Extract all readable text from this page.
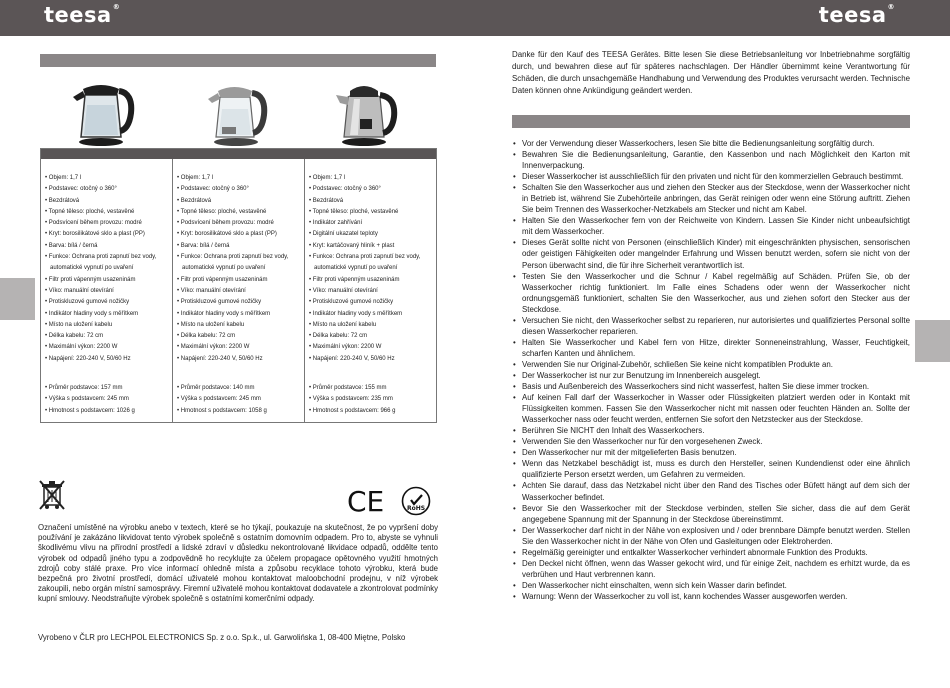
teesa®	teesa®
• Objem: 1,7 l
• Podstavec: otočný o 360°
• Bezdrátová
• Topné těleso: ploché, vestavěné
• Podsvícení během provozu: modré
• Kryt: borosilikátové sklo a plast (PP)
• Barva: bílá / černá
• Funkce: Ochrana proti zapnutí bez vody,
automatické vypnutí po uvaření
• Filtr proti vápenným usazeninám
• Víko: manuální otevírání
• Protiskluzové gumové nožičky
• Indikátor hladiny vody s měřítkem
• Místo na uložení kabelu
• Délka kabelu: 72 cm
• Maximální výkon: 2200 W
• Napájení: 220-240 V, 50/60 Hz
• Průměr podstavce: 157 mm
• Výška s podstavcem: 245 mm
• Hmotnost s podstavcem: 1026 g
• Objem: 1,7 l
• Podstavec: otočný o 360°
• Bezdrátová
• Topné těleso: ploché, vestavěné
• Podsvícení během provozu: modré
• Kryt: borosilikátové sklo a plast (PP)
• Barva: bílá / černá
• Funkce: Ochrana proti zapnutí bez vody,
automatické vypnutí po uvaření
• Filtr proti vápenným usazeninám
• Víko: manuální otevírání
• Protiskluzové gumové nožičky
• Indikátor hladiny vody s měřítkem
• Místo na uložení kabelu
• Délka kabelu: 72 cm
• Maximální výkon: 2200 W
• Napájení: 220-240 V, 50/60 Hz
• Průměr podstavce: 140 mm
• Výška s podstavcem: 245 mm
• Hmotnost s podstavcem: 1058 g
• Objem: 1,7 l
• Podstavec: otočný o 360°
• Bezdrátová
• Topné těleso: ploché, vestavěné
• Indikátor zahřívání
• Digitální ukazatel teploty
• Kryt: kartáčovaný hliník + plast
• Funkce: Ochrana proti zapnutí bez vody,
automatické vypnutí po uvaření
• Filtr proti vápenným usazeninám
• Víko: manuální otevírání
• Protiskluzové gumové nožičky
• Indikátor hladiny vody s měřítkem
• Místo na uložení kabelu
• Délka kabelu: 72 cm
• Maximální výkon: 2200 W
• Napájení: 220-240 V, 50/60 Hz
• Průměr podstavce: 155 mm
• Výška s podstavcem: 235 mm
• Hmotnost s podstavcem: 966 g
CE	RoHS
Označení umístěné na výrobku anebo v textech, které se ho týkají, poukazuje na skutečnost, že po vypršení doby používání je zakázáno likvidovat tento výrobek společně s ostatním domovním odpadem. Pro to, abyste se vyhnuli škodlivému vlivu na přírodní prostředí a lidské zdraví v důsledku nekontrolované likvidace odpadů, oddělte tento výrobek od odpadů jiného typu a zodpovědně ho recyklujte za účelem propagace opětovného využití hmotných zdrojů coby stálé praxe. Pro více informací ohledně místa a způsobu recyklace tohoto výrobku, která bude bezpečná pro životní prostředí, domácí uživatelé mohou kontaktovat maloobchodní prodejnu, v níž výrobek zakoupili, nebo orgán místní samosprávy. Firemní uživatelé mohou kontaktovat dodavatele a zkontrolovat podmínky kupní smlouvy. Neodstraňujte výrobek společně s ostatními komerčními odpady.
Vyrobeno v ČLR pro LECHPOL ELECTRONICS Sp. z o.o. Sp.k., ul. Garwolińska 1, 08-400 Miętne, Polsko

Danke für den Kauf des TEESA Gerätes. Bitte lesen Sie diese Betriebsanleitung vor Inbetriebnahme sorgfältig durch, und bewahren diese auf für späteres nachschlagen. Der Händler übernimmt keine Verantwortung für Schäden, die durch unsachgemäße Handhabung und Verwendung des Produktes verursacht werden. Technische Daten können ohne Ankündigung geändert werden.

• Vor der Verwendung dieser Wasserkochers, lesen Sie bitte die Bedienungsanleitung sorgfältig durch.
• Bewahren Sie die Bedienungsanleitung, Garantie, den Kassenbon und nach Möglichkeit den Karton mit Innenverpackung.
• Dieser Wasserkocher ist ausschließlich für den privaten und nicht für den kommerziellen Gebrauch bestimmt.
• Schalten Sie den Wasserkocher aus und ziehen den Stecker aus der Steckdose, wenn der Wasserkocher nicht in Betrieb ist, während Sie Zubehörteile anbringen, das Gerät reinigen oder wenn eine Störung auftritt. Ziehen Sie beim Trennen des Wasserkocher-Netzkabels am Stecker und nicht am Kabel.
• Halten Sie den Wasserkocher fern von der Reichweite von Kindern. Lassen Sie Kinder nicht unbeaufsichtigt mit dem Wasserkocher.
• Dieses Gerät sollte nicht von Personen (einschließlich Kinder) mit eingeschränkten physischen, sensorischen oder geistigen Fähigkeiten oder mangelnder Erfahrung und Wissen benutzt werden, sofern sie nicht von der Person überwacht sind, die für ihre Sicherheit verantwortlich ist.
• Testen Sie den Wasserkocher und die Schnur / Kabel regelmäßig auf Schäden. Prüfen Sie, ob der Wasserkocher richtig funktioniert. Im Falle eines Schadens oder wenn der Wasserkocher nicht ordnungsgemäß funktioniert, schalten Sie den Wasserkocher, aus und ziehen sofort den Stecker aus der Steckdose.
• Versuchen Sie nicht, den Wasserkocher selbst zu reparieren, nur autorisiertes und qualifiziertes Personal sollte diesen Wasserkocher reparieren.
• Halten Sie Wasserkocher und Kabel fern von Hitze, direkter Sonneneinstrahlung, Wasser, Feuchtigkeit, scharfen Kanten und ähnlichem.
• Verwenden Sie nur Original-Zubehör, schließen Sie keine nicht kompatiblen Produkte an.
• Der Wasserkocher ist nur zur Benutzung im Innenbereich ausgelegt.
• Basis und Außenbereich des Wasserkochers sind nicht wasserfest, halten Sie diese immer trocken.
• Auf keinen Fall darf der Wasserkocher in Wasser oder Flüssigkeiten platziert werden oder in Kontakt mit Flüssigkeiten kommen. Fassen Sie den Wasserkocher nicht mit nassen oder feuchten Händen an. Sollte der Wasserkocher nass oder feucht werden, entfernen Sie sofort den Netzstecker aus der Steckdose.
• Berühren Sie NICHT den Inhalt des Wasserkochers.
• Verwenden Sie den Wasserkocher nur für den vorgesehenen Zweck.
• Den Wasserkocher nur mit der mitgelieferten Basis benutzen.
• Wenn das Netzkabel beschädigt ist, muss es durch den Hersteller, seinen Kundendienst oder eine ähnlich qualifizierte Person ersetzt werden, um Gefahren zu vermeiden.
• Achten Sie darauf, dass das Netzkabel nicht über den Rand des Tisches oder Büfett hängt auf dem sich der Wasserkocher befindet.
• Bevor Sie den Wasserkocher mit der Steckdose verbinden, stellen Sie sicher, dass die auf dem Gerät angegebene Spannung mit der Spannung in der Steckdose übereinstimmt.
• Der Wasserkocher darf nicht in der Nähe von explosiven und / oder brennbare Dämpfe benutzt werden. Stellen Sie den Wasserkocher nicht in der Nähe von Ofen und Gasleitungen oder Elektroherden.
• Regelmäßig gereinigter und entkalkter Wasserkocher verhindert abnormale Funktion des Produkts.
• Den Deckel nicht öffnen, wenn das Wasser gekocht wird, und für einige Zeit, nachdem es erhitzt wurde, da es verbrühen und Haut verbrennen kann.
• Den Wasserkocher nicht einschalten, wenn sich kein Wasser darin befindet.
• Warnung: Wenn der Wasserkocher zu voll ist, kann kochendes Wasser ausgeworfen werden.
